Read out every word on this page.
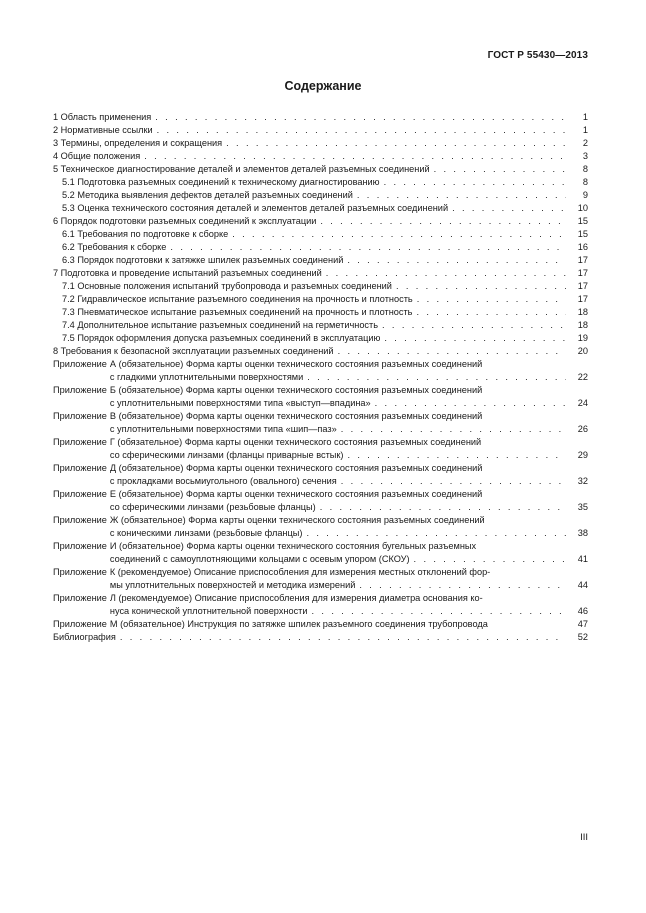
ГОСТ Р 55430—2013
Содержание
1 Область применения . . .	1
2 Нормативные ссылки . . .	1
3 Термины, определения и сокращения . . .	2
4 Общие положения . . .	3
5 Техническое диагностирование деталей и элементов деталей разъемных соединений . . .	8
5.1 Подготовка разъемных соединений к техническому диагностированию . . .	8
5.2 Методика выявления дефектов деталей разъемных соединений . . .	9
5.3 Оценка технического состояния деталей и элементов деталей разъемных соединений . . .	10
6 Порядок подготовки разъемных соединений к эксплуатации . . .	15
6.1 Требования по подготовке к сборке . . .	15
6.2 Требования к сборке . . .	16
6.3 Порядок подготовки к затяжке шпилек разъемных соединений . . .	17
7 Подготовка и проведение испытаний разъемных соединений . . .	17
7.1 Основные положения испытаний трубопровода и разъемных соединений . . .	17
7.2 Гидравлическое испытание разъемного соединения на прочность и плотность . . .	17
7.3 Пневматическое испытание разъемных соединений на прочность и плотность . . .	18
7.4 Дополнительное испытание разъемных соединений на герметичность . . .	18
7.5 Порядок оформления допуска разъемных соединений в эксплуатацию . . .	19
8 Требования к безопасной эксплуатации разъемных соединений . . .	20
Приложение А (обязательное) Форма карты оценки технического состояния разъемных соединений
с гладкими уплотнительными поверхностями . . .	22
Приложение Б (обязательное) Форма карты оценки технического состояния разъемных соединений
с уплотнительными поверхностями типа «выступ—впадина» . . .	24
Приложение В (обязательное) Форма карты оценки технического состояния разъемных соединений
с уплотнительными поверхностями типа «шип—паз» . . .	26
Приложение Г (обязательное) Форма карты оценки технического состояния разъемных соединений
со сферическими линзами (фланцы приварные встык) . . .	29
Приложение Д (обязательное) Форма карты оценки технического состояния разъемных соединений
с прокладками восьмиугольного (овального) сечения . . .	32
Приложение Е (обязательное) Форма карты оценки технического состояния разъемных соединений
со сферическими линзами (резьбовые фланцы) . . .	35
Приложение Ж (обязательное) Форма карты оценки технического состояния разъемных соединений
с коническими линзами (резьбовые фланцы) . . .	38
Приложение И (обязательное) Форма карты оценки технического состояния бугельных разъемных
соединений с самоуплотняющими кольцами с осевым упором (СКОУ) . . .	41
Приложение К (рекомендуемое) Описание приспособления для измерения местных отклонений фор-
мы уплотнительных поверхностей и методика измерений . . .	44
Приложение Л (рекомендуемое) Описание приспособления для измерения диаметра основания ко-
нуса конической уплотнительной поверхности . . .	46
Приложение М (обязательное) Инструкция по затяжке шпилек разъемного соединения трубопровода	47
Библиография . . .	52
III
